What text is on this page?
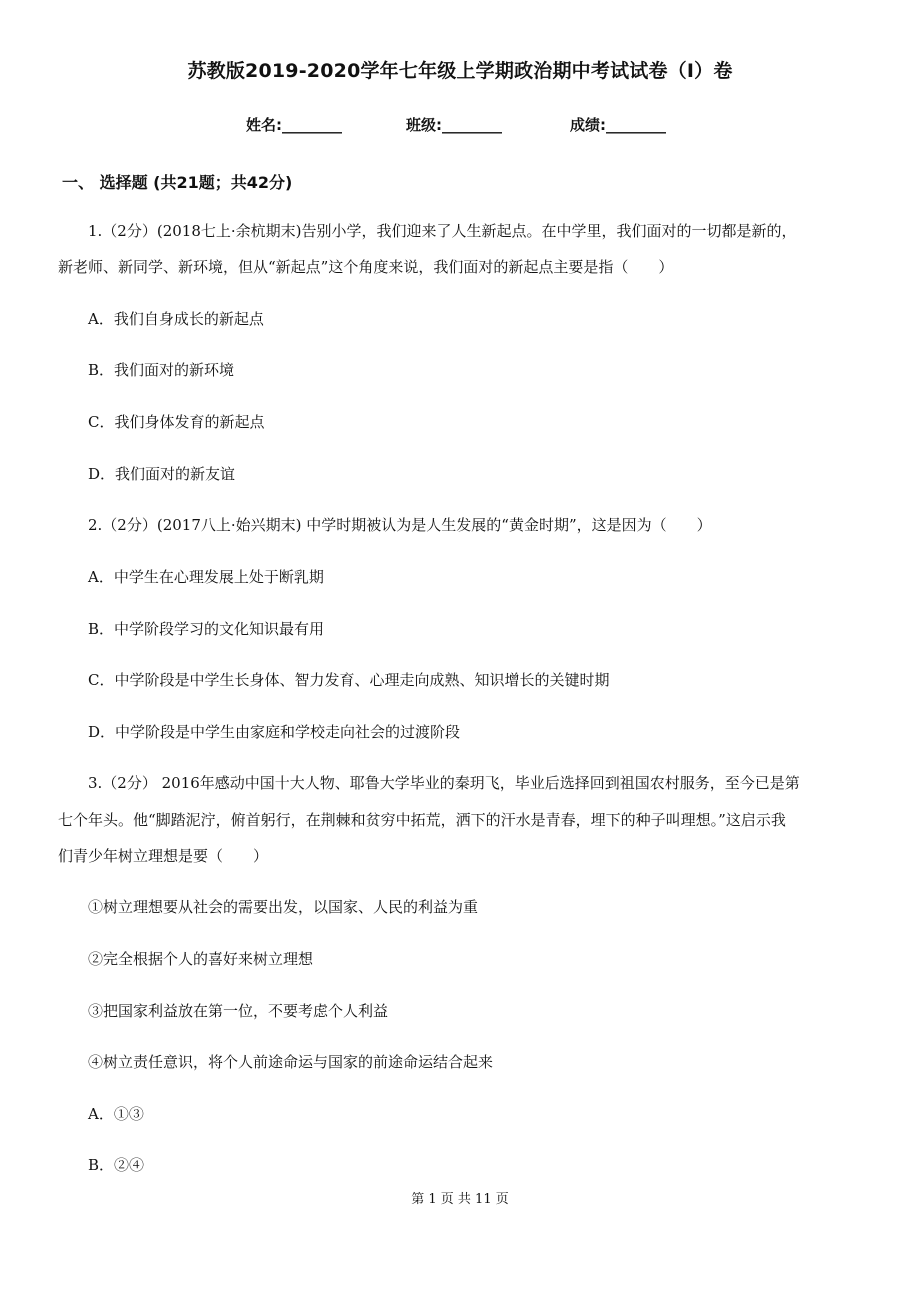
苏教版2019-2020学年七年级上学期政治期中考试试卷（I）卷
姓名:________	班级:________	成绩:________
一、 选择题 (共21题；共42分)
1.（2分）(2018七上·余杭期末)告别小学，我们迎来了人生新起点。在中学里，我们面对的一切都是新的，
新老师、新同学、新环境，但从“新起点”这个角度来说，我们面对的新起点主要是指（　　）
A．我们自身成长的新起点
B．我们面对的新环境
C．我们身体发育的新起点
D．我们面对的新友谊
2.（2分）(2017八上·始兴期末) 中学时期被认为是人生发展的“黄金时期”，这是因为（　　）
A．中学生在心理发展上处于断乳期
B．中学阶段学习的文化知识最有用
C．中学阶段是中学生长身体、智力发育、心理走向成熟、知识增长的关键时期
D．中学阶段是中学生由家庭和学校走向社会的过渡阶段
3.（2分） 2016年感动中国十大人物、耶鲁大学毕业的秦玥飞，毕业后选择回到祖国农村服务，至今已是第
七个年头。他“脚踏泥泞，俯首躬行，在荆棘和贫穷中拓荒，洒下的汗水是青春，埋下的种子叫理想。”这启示我
们青少年树立理想是要（　　）
①树立理想要从社会的需要出发，以国家、人民的利益为重
②完全根据个人的喜好来树立理想
③把国家利益放在第一位，不要考虑个人利益
④树立责任意识，将个人前途命运与国家的前途命运结合起来
A．①③
B．②④
第 1 页 共 11 页
